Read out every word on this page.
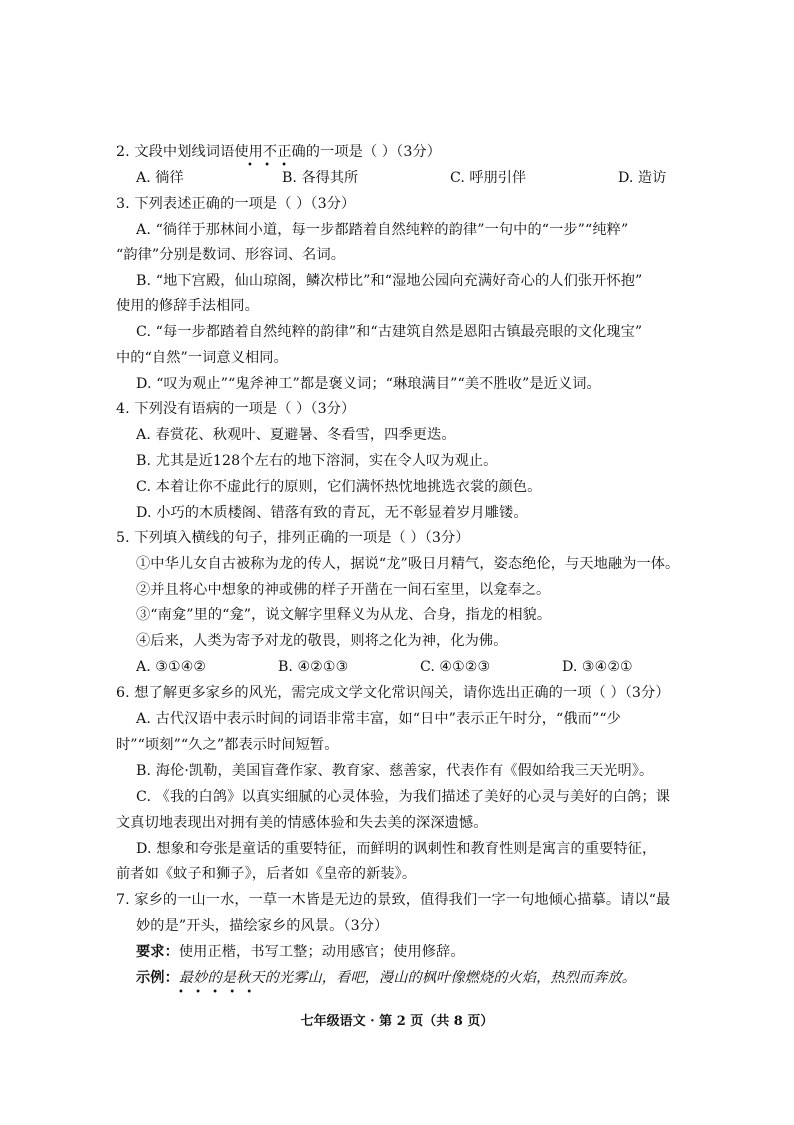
2. 文段中划线词语使用不正确的一项是（ ）（3分）
• • •
A. 徜徉	B. 各得其所	C. 呼朋引伴	D. 造访
3. 下列表述正确的一项是（ ）（3分）
A. “徜徉于那林间小道，每一步都踏着自然纯粹的韵律”一句中的“一步”“纯粹”
“韵律”分别是数词、形容词、名词。
B. “地下宫殿，仙山琼阁，鳞次栉比”和“湿地公园向充满好奇心的人们张开怀抱”
使用的修辞手法相同。
C. “每一步都踏着自然纯粹的韵律”和“古建筑自然是恩阳古镇最亮眼的文化瑰宝”
中的“自然”一词意义相同。
D. “叹为观止”“鬼斧神工”都是褒义词；“琳琅满目”“美不胜收”是近义词。
4. 下列没有语病的一项是（ ）（3分）
A. 春赏花、秋观叶、夏避暑、冬看雪，四季更迭。
B. 尤其是近128个左右的地下溶洞，实在令人叹为观止。
C. 本着让你不虚此行的原则，它们满怀热忱地挑选衣裳的颜色。
D. 小巧的木质楼阁、错落有致的青瓦，无不彰显着岁月雕镂。
5. 下列填入横线的句子，排列正确的一项是（ ）（3分）
①中华儿女自古被称为龙的传人，据说“龙”吸日月精气，姿态绝伦，与天地融为一体。
②并且将心中想象的神或佛的样子开凿在一间石室里，以龛奉之。
③“南龛”里的“龛”，说文解字里释义为从龙、合身，指龙的相貌。
④后来，人类为寄予对龙的敬畏，则将之化为神，化为佛。
A. ③①④②	B. ④②①③	C. ④①②③	D. ③④②①
6. 想了解更多家乡的风光，需完成文学文化常识闯关，请你选出正确的一项（ ）（3分）
A. 古代汉语中表示时间的词语非常丰富，如“日中”表示正午时分，“俄而”“少
时”“顷刻”“久之”都表示时间短暂。
B. 海伦·凯勒，美国盲聋作家、教育家、慈善家，代表作有《假如给我三天光明》。
C. 《我的白鸽》以真实细腻的心灵体验，为我们描述了美好的心灵与美好的白鸽；课
文真切地表现出对拥有美的情感体验和失去美的深深遗憾。
D. 想象和夸张是童话的重要特征，而鲜明的讽刺性和教育性则是寓言的重要特征，
前者如《蚊子和狮子》，后者如《皇帝的新装》。
7. 家乡的一山一水，一草一木皆是无边的景致，值得我们一字一句地倾心描摹。请以“最
妙的是”开头，描绘家乡的风景。（3分）
要求：使用正楷，书写工整；动用感官；使用修辞。
示例：最妙的是秋天的光雾山，看吧，漫山的枫叶像燃烧的火焰，热烈而奔放。
• • • • •
七年级语文 · 第 2 页（共 8 页）
